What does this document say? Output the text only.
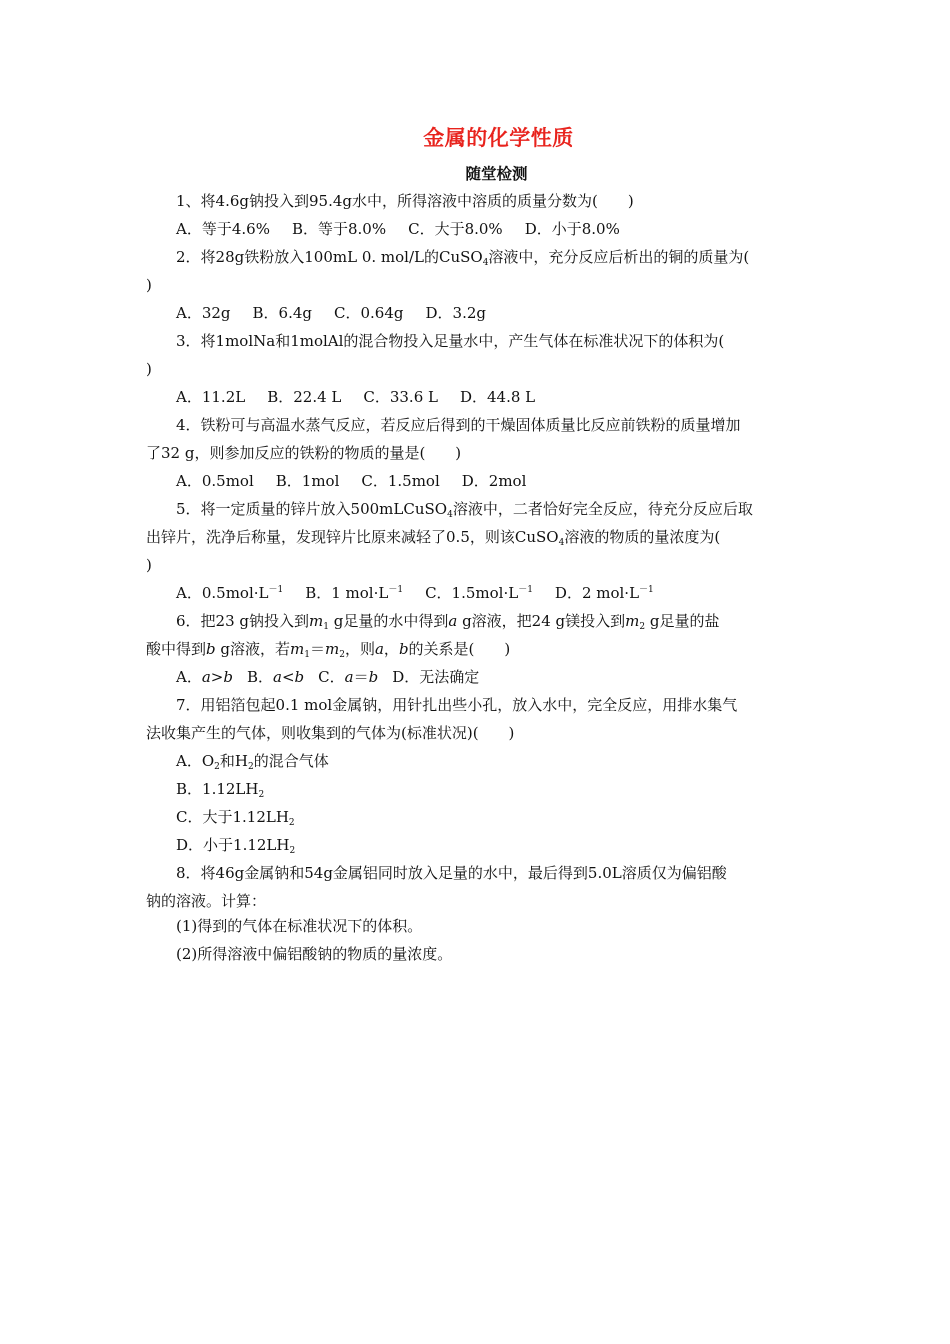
金属的化学性质
随堂检测
1、将4.6g钠投入到95.4g水中，所得溶液中溶质的质量分数为(　　)
A．等于4.6% B．等于8.0% C．大于8.0% D．小于8.0%
2．将28g铁粉放入100mL 0. mol/L的CuSO$_4$溶液中，充分反应后析出的铜的质量为(
)
A．32g B．6.4g C．0.64g D．3.2g
3．将1molNa和1molAl的混合物投入足量水中，产生气体在标准状况下的体积为(
)
A．11.2L B．22.4 L C．33.6 L D．44.8 L
4．铁粉可与高温水蒸气反应，若反应后得到的干燥固体质量比反应前铁粉的质量增加
了32 g，则参加反应的铁粉的物质的量是(　　)
A．0.5mol B．1mol C．1.5mol D．2mol
5．将一定质量的锌片放入500mLCuSO$_4$溶液中，二者恰好完全反应，待充分反应后取
出锌片，洗净后称量，发现锌片比原来减轻了0.5，则该CuSO$_4$溶液的物质的量浓度为(
)
A．$0.5mol\cdot L^{-1}$ B．1 $mol\cdot L^{-1}$ C．$1.5mol\cdot L^{-1}$ D．2 $mol\cdot L^{-1}$
6．把23 g钠投入到$m_1$ g足量的水中得到a g溶液，把24 g镁投入到$m_2$ g足量的盐
酸中得到b g溶液，若$m_1=m_2$，则a，b的关系是(　　)
A．a>b B．a<b C．a＝b D．无法确定
7．用铝箔包起0.1 mol金属钠，用针扎出些小孔，放入水中，完全反应，用排水集气
法收集产生的气体，则收集到的气体为(标准状况)(　　)
A．$O_2$和$H_2$的混合气体
B．$1.12LH_2$
C．大于$1.12LH_2$
D．小于$1.12LH_2$
8．将46g金属钠和54g金属铝同时放入足量的水中，最后得到5.0L溶质仅为偏铝酸
钠的溶液。计算：
(1)得到的气体在标准状况下的体积。
(2)所得溶液中偏铝酸钠的物质的量浓度。
